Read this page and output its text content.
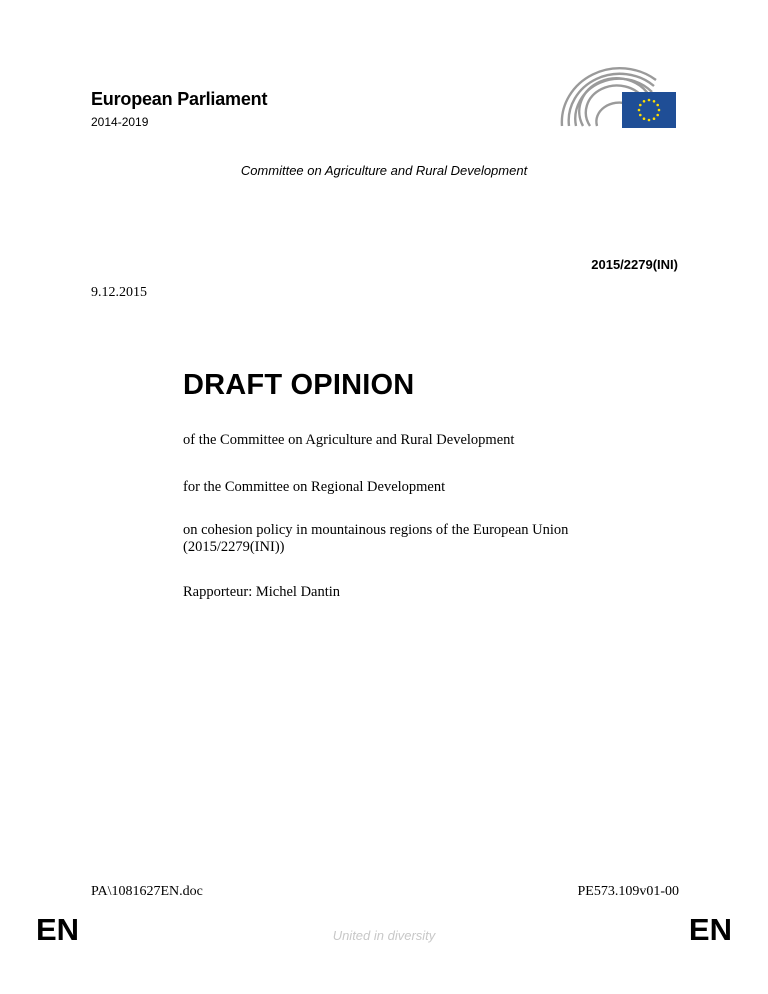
European Parliament
2014-2019
Committee on Agriculture and Rural Development
2015/2279(INI)
9.12.2015
DRAFT OPINION
of the Committee on Agriculture and Rural Development
for the Committee on Regional Development
on cohesion policy in mountainous regions of the European Union
(2015/2279(INI))
Rapporteur: Michel Dantin
PA\1081627EN.doc	PE573.109v01-00
EN	United in diversity	EN
